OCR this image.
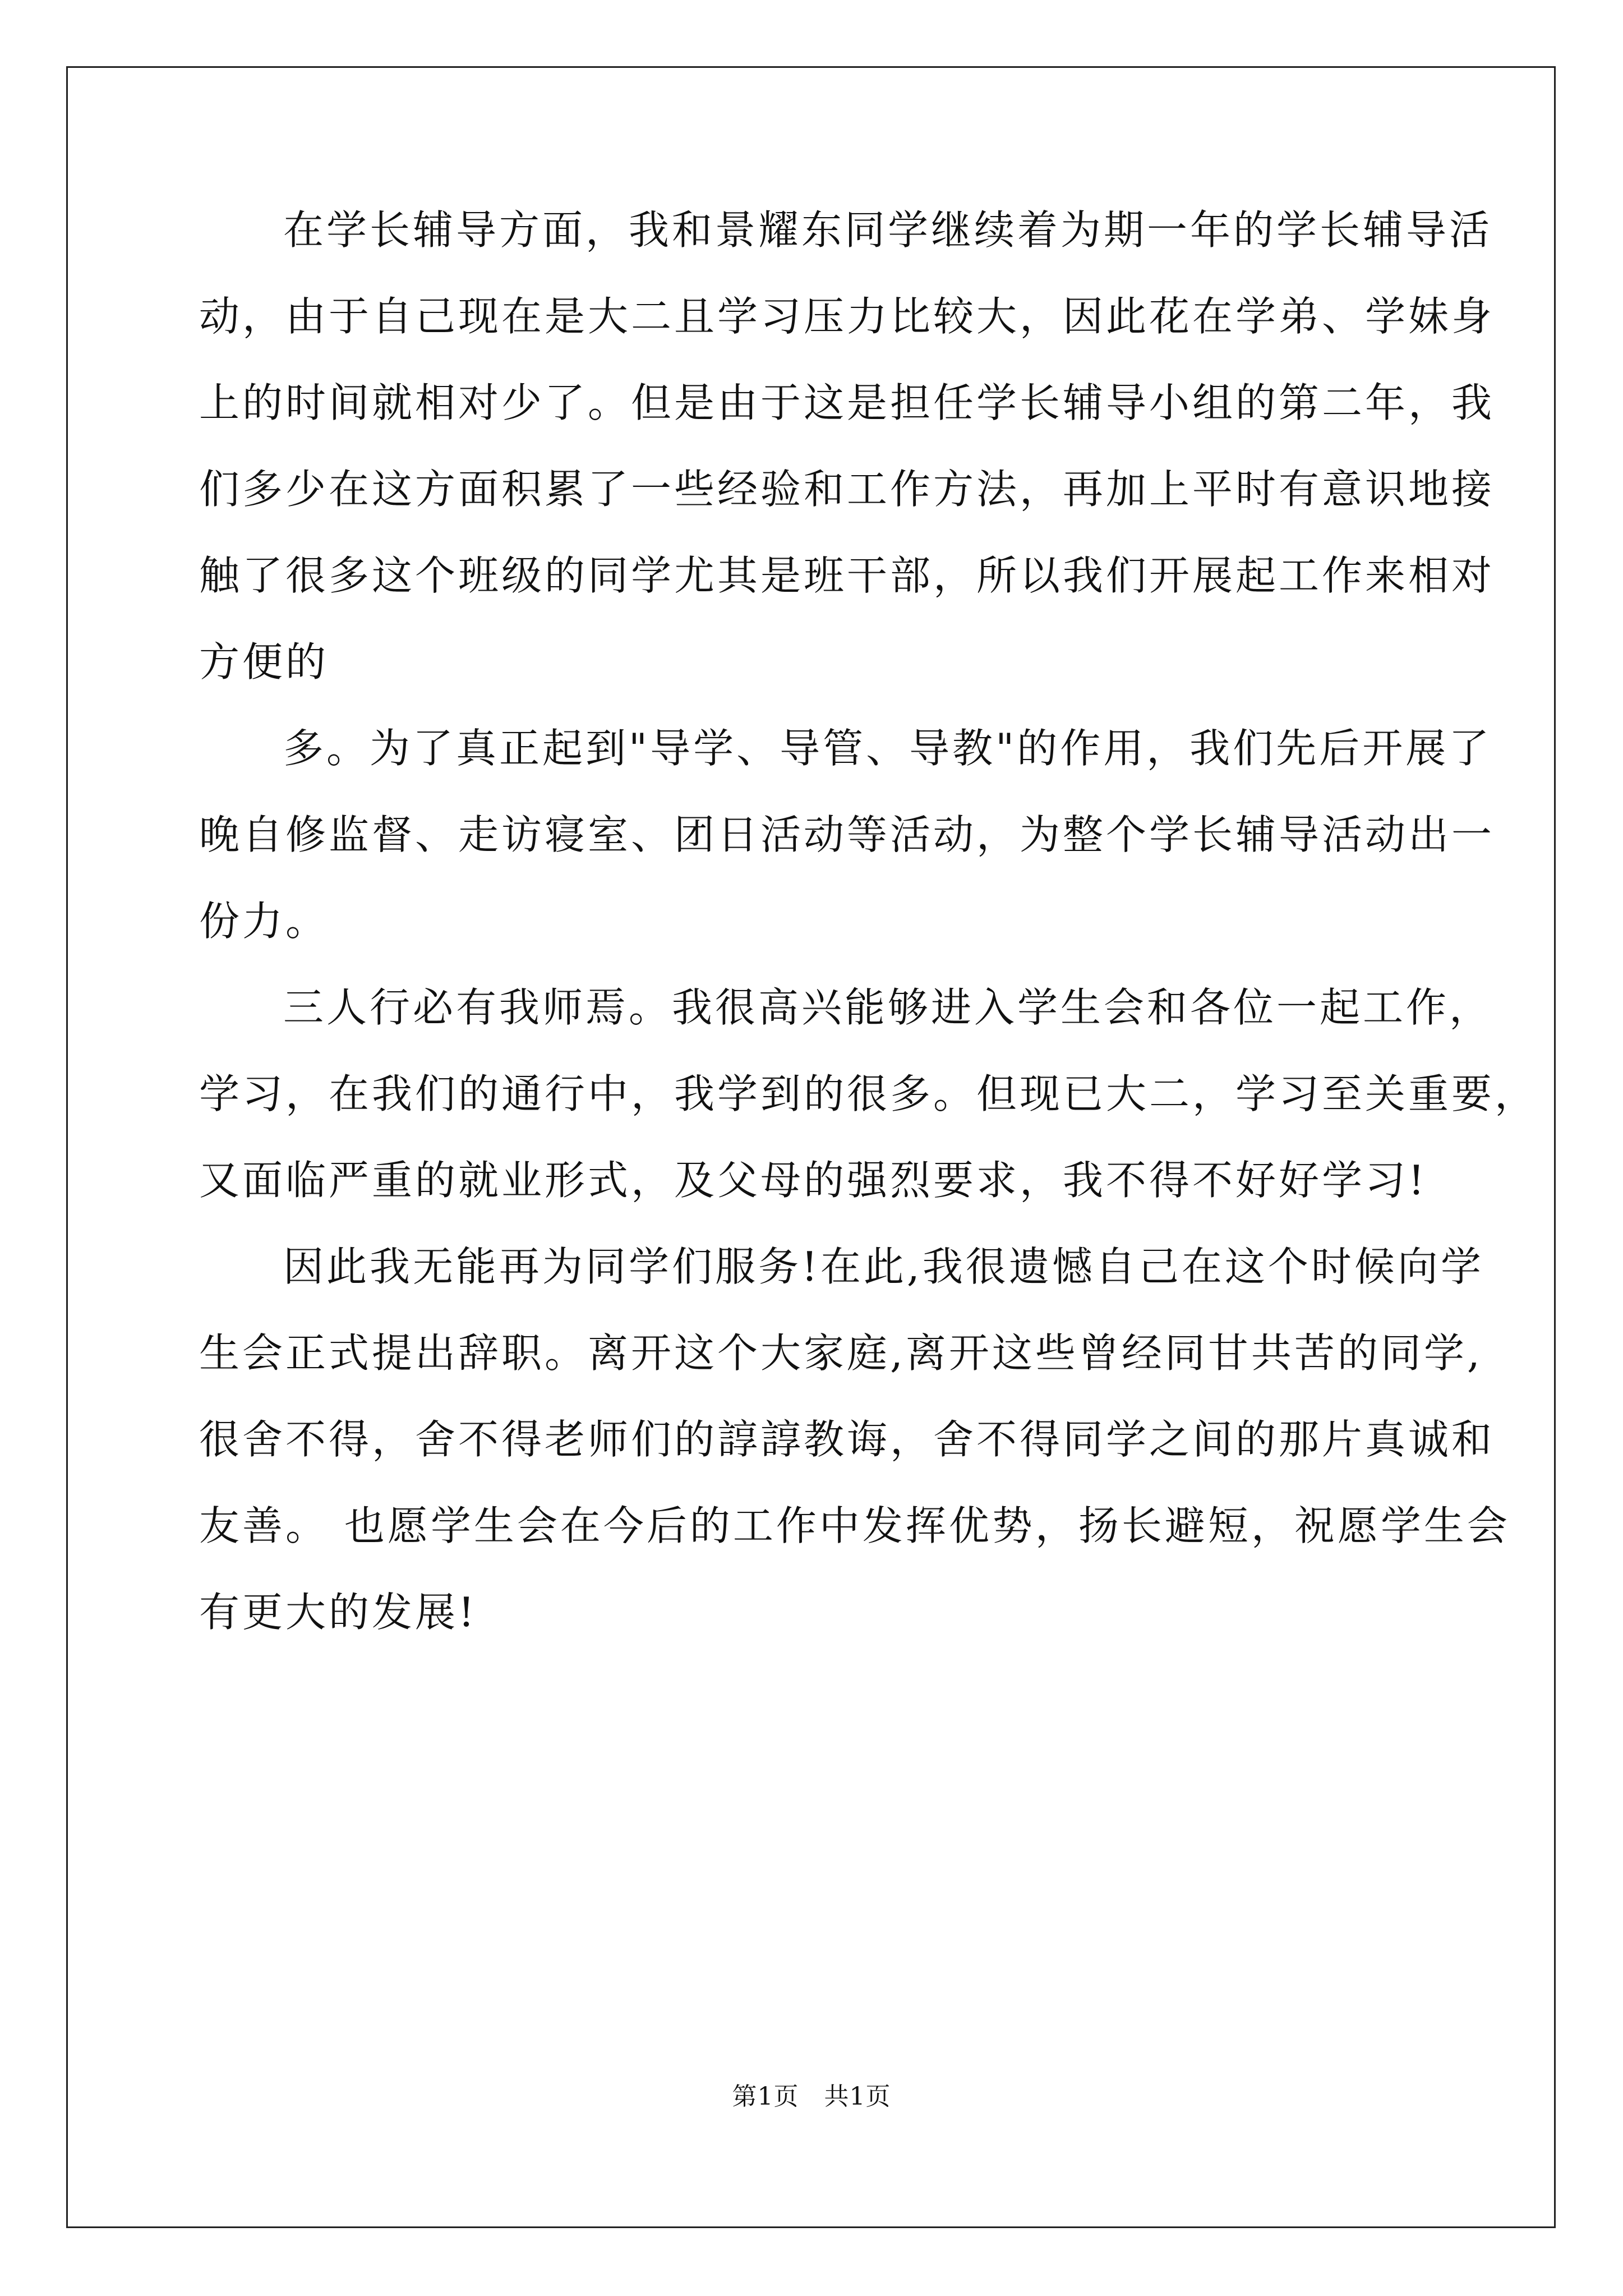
在学长辅导方面，我和景耀东同学继续着为期一年的学长辅导活
动，由于自己现在是大二且学习压力比较大，因此花在学弟、学妹身
上的时间就相对少了。但是由于这是担任学长辅导小组的第二年，我
们多少在这方面积累了一些经验和工作方法，再加上平时有意识地接
触了很多这个班级的同学尤其是班干部，所以我们开展起工作来相对
方便的
多。为了真正起到"导学、导管、导教"的作用，我们先后开展了
晚自修监督、走访寝室、团日活动等活动，为整个学长辅导活动出一
份力。
三人行必有我师焉。我很高兴能够进入学生会和各位一起工作，
学习，在我们的通行中，我学到的很多。但现已大二，学习至关重要，
又面临严重的就业形式，及父母的强烈要求，我不得不好好学习!
因此我无能再为同学们服务!在此,我很遗憾自己在这个时候向学
生会正式提出辞职。离开这个大家庭,离开这些曾经同甘共苦的同学,
很舍不得，舍不得老师们的諄諄教诲，舍不得同学之间的那片真诚和
友善。 也愿学生会在今后的工作中发挥优势，扬长避短，祝愿学生会
有更大的发展!
第1页　共1页
